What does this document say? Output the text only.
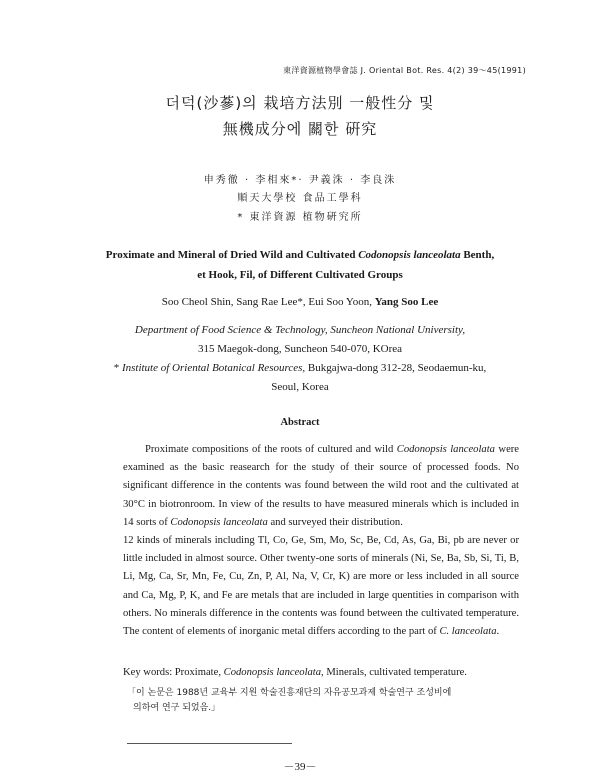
東洋資源植物學會誌 J. Oriental Bot. Res. 4(2) 39～45(1991)
더덕(沙蔘)의 栽培方法別 一般性分 및
無機成分에 關한 硏究
申秀徹 · 李相來*· 尹義洙 · 李良洙
順天大學校 食品工學科
* 東洋資源 植物硏究所
Proximate and Mineral of Dried Wild and Cultivated Codonopsis lanceolata Benth,
et Hook, Fil, of Different Cultivated Groups
Soo Cheol Shin, Sang Rae Lee*, Eui Soo Yoon, Yang Soo Lee
Department of Food Science & Technology, Suncheon National University,
315 Maegok-dong, Suncheon 540-070, KOrea
* Institute of Oriental Botanical Resources, Bukgajwa-dong 312-28, Seodaemun-ku,
Seoul, Korea
Abstract

Proximate compositions of the roots of cultured and wild Codonopsis lanceolata were examined as the basic reasearch for the study of their source of processed foods. No significant difference in the contents was found between the wild root and the cultivated at 30°C in biotronroom. In view of the results to have measured minerals which is included in 14 sorts of Codonopsis lanceolata and surveyed their distribution.

12 kinds of minerals including Tl, Co, Ge, Sm, Mo, Sc, Be, Cd, As, Ga, Bi, pb are never or little included in almost source. Other twenty-one sorts of minerals (Ni, Se, Ba, Sb, Si, Ti, B, Li, Mg, Ca, Sr, Mn, Fe, Cu, Zn, P, Al, Na, V, Cr, K) are more or less included in all source and Ca, Mg, P, K, and Fe are metals that are included in large quentities in comparison with others. No minerals difference in the contents was found between the cultivated temperature. The content of elements of inorganic metal differs according to the part of C. lanceolata.

Key words: Proximate, Codonopsis lanceolata, Minerals, cultivated temperature.
「이 논문은 1988년 교육부 지원 학술진흥재단의 자유공모과제 학술연구 조성비에
의하여 연구 되었음.」
－39－
